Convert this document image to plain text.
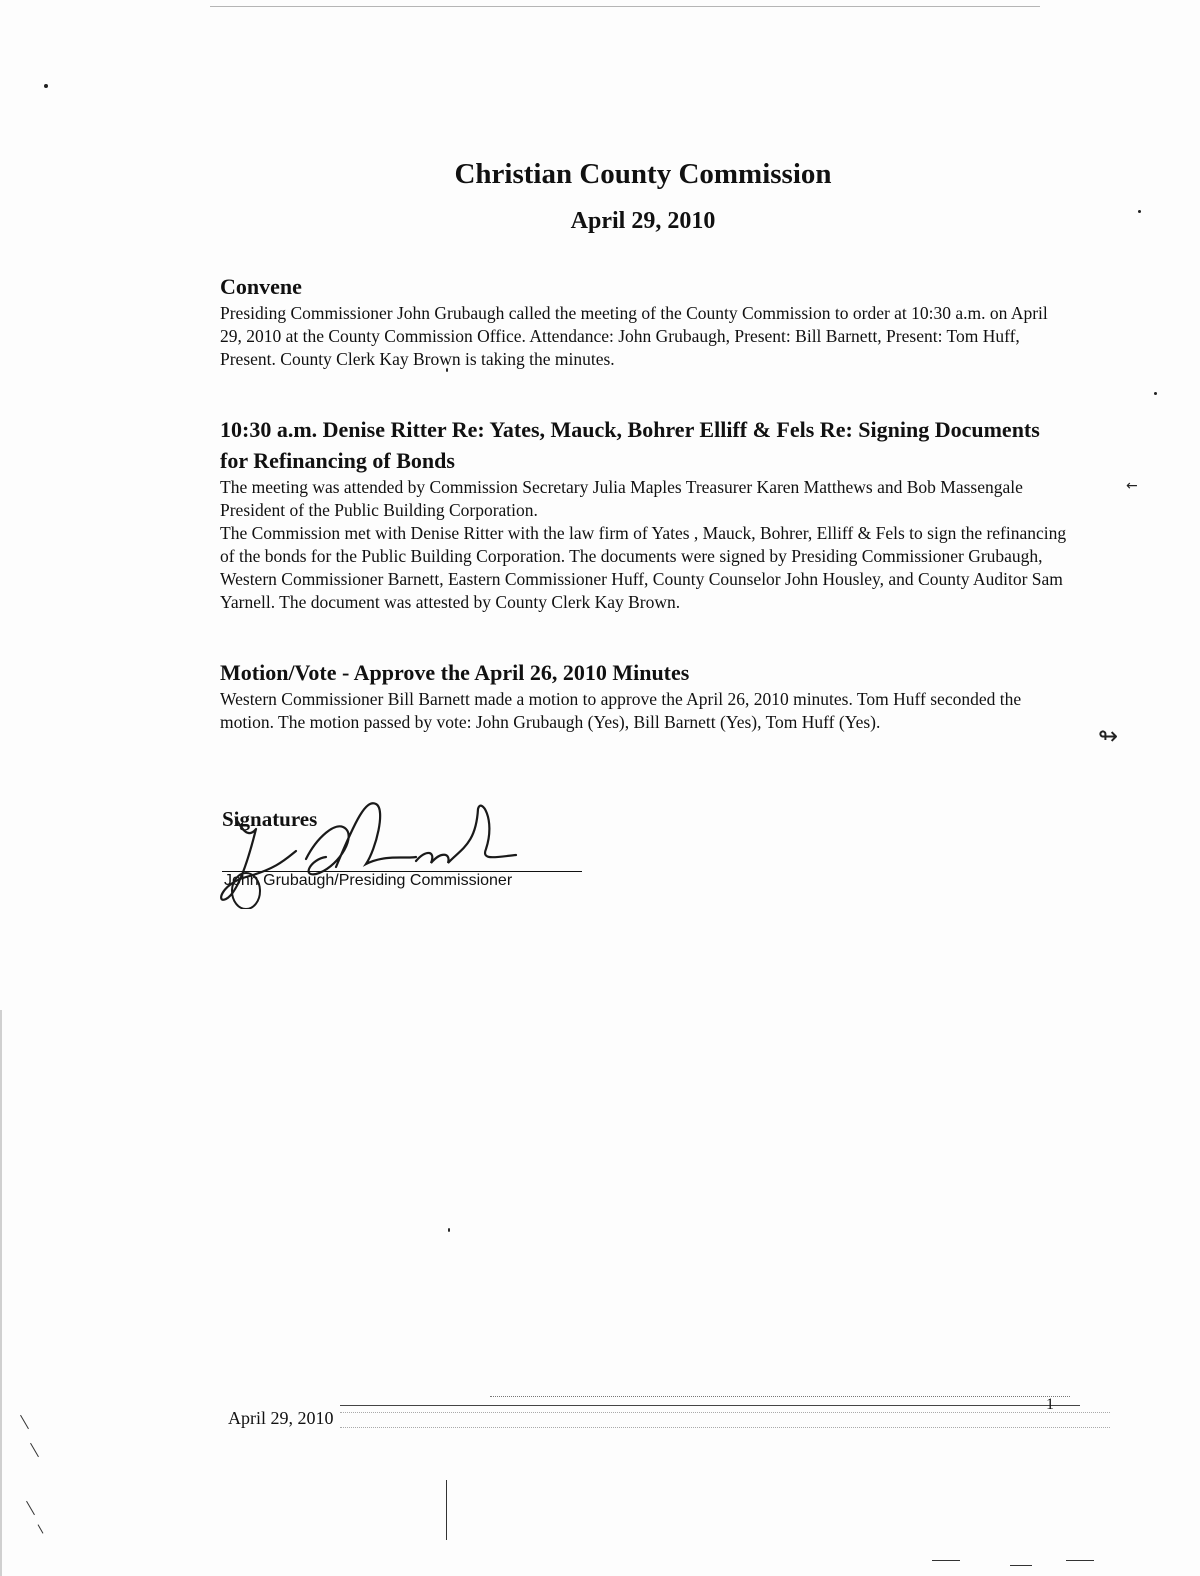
←
↬
Christian County Commission
April 29, 2010
Convene

Presiding Commissioner John Grubaugh called the meeting of the County Commission to order at 10:30 a.m. on April 29, 2010 at the County Commission Office. Attendance: John Grubaugh, Present: Bill Barnett, Present: Tom Huff, Present. County Clerk Kay Brown is taking the minutes.

10:30 a.m. Denise Ritter Re: Yates, Mauck, Bohrer Elliff & Fels Re: Signing Documents for Refinancing of Bonds

The meeting was attended by Commission Secretary Julia Maples Treasurer Karen Matthews and Bob Massengale President of the Public Building Corporation.

The Commission met with Denise Ritter with the law firm of Yates , Mauck, Bohrer, Elliff & Fels to sign the refinancing of the bonds for the Public Building Corporation. The documents were signed by Presiding Commissioner Grubaugh, Western Commissioner Barnett, Eastern Commissioner Huff, County Counselor John Housley, and County Auditor Sam Yarnell. The document was attested by County Clerk Kay Brown.

Motion/Vote - Approve the April 26, 2010 Minutes

Western Commissioner Bill Barnett made a motion to approve the April 26, 2010 minutes. Tom Huff seconded the motion. The motion passed by vote: John Grubaugh (Yes), Bill Barnett (Yes), Tom Huff (Yes).

Signatures
John Grubaugh/Presiding Commissioner
April 29, 2010
1
